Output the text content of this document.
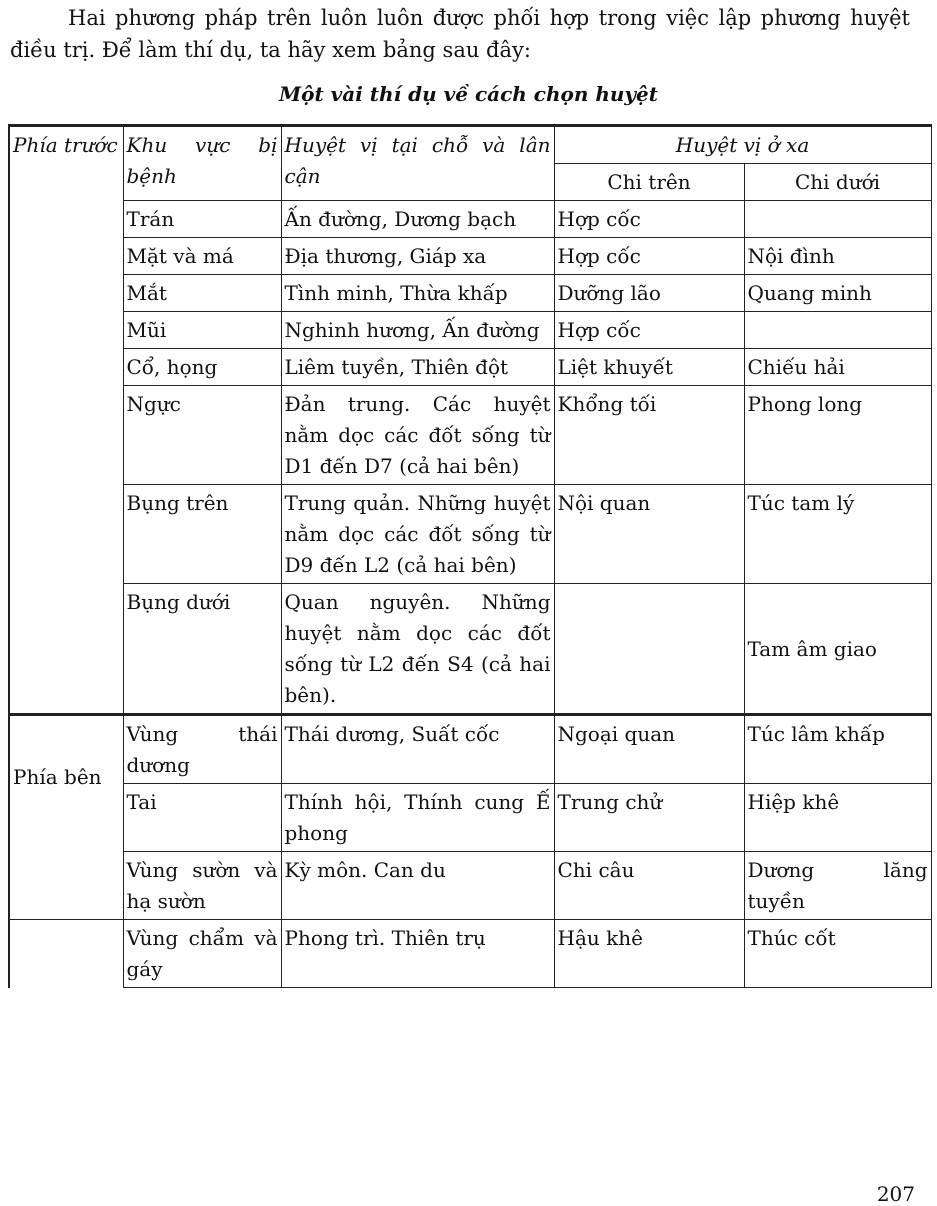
Hai phương pháp trên luôn luôn được phối hợp trong việc lập phương huyệt điều trị. Để làm thí dụ, ta hãy xem bảng sau đây:

Một vài thí dụ về cách chọn huyệt

Phía trước	Khu vực bị bệnh	Huyệt vị tại chỗ và lân cận	Huyệt vị ở xa	
			Chi trên	Chi dưới
	Trán	Ấn đường, Dương bạch	Hợp cốc	
	Mặt và má	Địa thương, Giáp xa	Hợp cốc	Nội đình
	Mắt	Tình minh, Thừa khấp	Dưỡng lão	Quang minh
	Mũi	Nghinh hương, Ấn đường	Hợp cốc	
	Cổ, họng	Liêm tuyền, Thiên đột	Liệt khuyết	Chiếu hải
	Ngực	Đản trung. Các huyệt nằm dọc các đốt sống từ D1 đến D7 (cả hai bên)	Khổng tối	Phong long
	Bụng trên	Trung quản. Những huyệt nằm dọc các đốt sống từ D9 đến L2 (cả hai bên)	Nội quan	Túc tam lý
	Bụng dưới	Quan nguyên. Những huyệt nằm dọc các đốt sống từ L2 đến S4 (cả hai bên).		Tam âm giao
Phía bên	Vùng thái dương	Thái dương, Suất cốc	Ngoại quan	Túc lâm khấp
	Tai	Thính hội, Thính cung Ế phong	Trung chử	Hiệp khê
	Vùng sườn và hạ sườn	Kỳ môn. Can du	Chi câu	Dương lăng tuyền
	Vùng chẩm và gáy	Phong trì. Thiên trụ	Hậu khê	Thúc cốt
207
